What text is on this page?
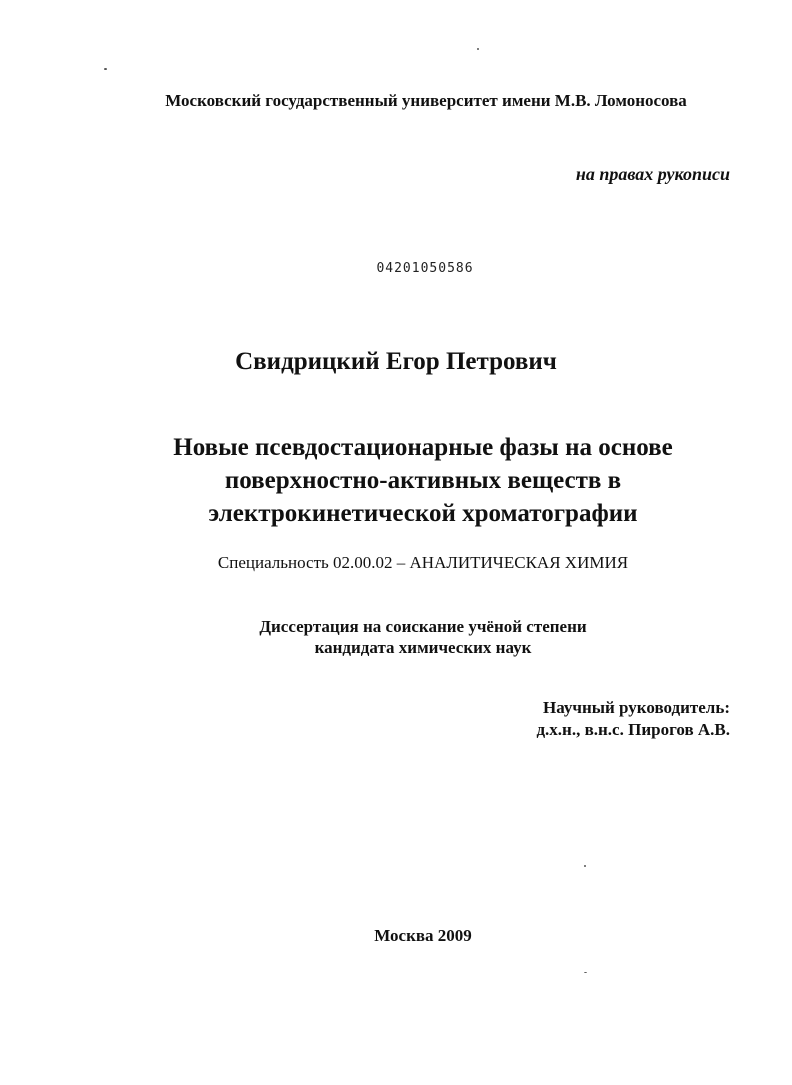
Московский государственный университет имени М.В. Ломоносова
на правах рукописи
04201050586
Свидрицкий Егор Петрович
Новые псевдостационарные фазы на основе
поверхностно-активных веществ в
электрокинетической хроматографии
Специальность 02.00.02 – АНАЛИТИЧЕСКАЯ ХИМИЯ
Диссертация на соискание учёной степени
кандидата химических наук
Научный руководитель:
д.х.н., в.н.с. Пирогов А.В.
Москва 2009
